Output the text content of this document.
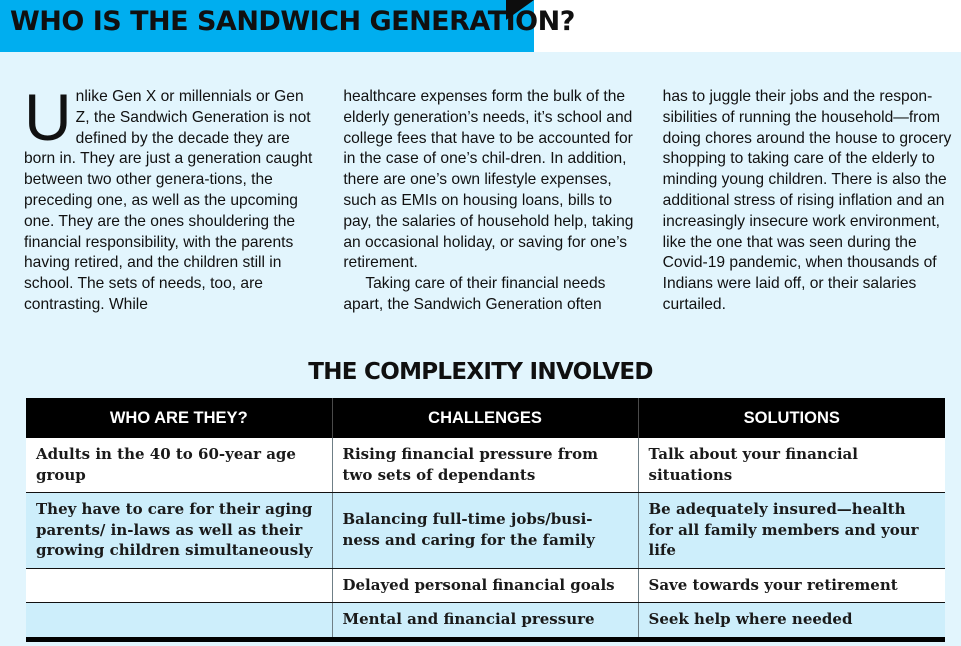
WHO IS THE SANDWICH GENERATION?

Unlike Gen X or millennials or Gen Z, the Sandwich Generation is not defined by the decade they are born in. They are just a generation caught between two other genera-tions, the preceding one, as well as the upcoming one. They are the ones shouldering the financial responsibility, with the parents having retired, and the children still in school. The sets of needs, too, are contrasting. While

healthcare expenses form the bulk of the elderly generation’s needs, it’s school and college fees that have to be accounted for in the case of one’s chil-dren. In addition, there are one’s own lifestyle expenses, such as EMIs on housing loans, bills to pay, the salaries of household help, taking an occasional holiday, or saving for one’s retirement.

Taking care of their financial needs apart, the Sandwich Generation often

has to juggle their jobs and the respon-sibilities of running the household—from doing chores around the house to grocery shopping to taking care of the elderly to minding young children. There is also the additional stress of rising inflation and an increasingly insecure work environment, like the one that was seen during the Covid-19 pandemic, when thousands of Indians were laid off, or their salaries curtailed.

THE COMPLEXITY INVOLVED
WHO ARE THEY?	CHALLENGES	SOLUTIONS
Adults in the 40 to 60-year age group	Rising financial pressure from two sets of dependants	Talk about your financial situations
They have to care for their aging parents/ in-laws as well as their growing children simultaneously	Balancing full-time jobs/busi-ness and caring for the family	Be adequately insured—health for all family members and your life
	Delayed personal financial goals	Save towards your retirement
	Mental and financial pressure	Seek help where needed
